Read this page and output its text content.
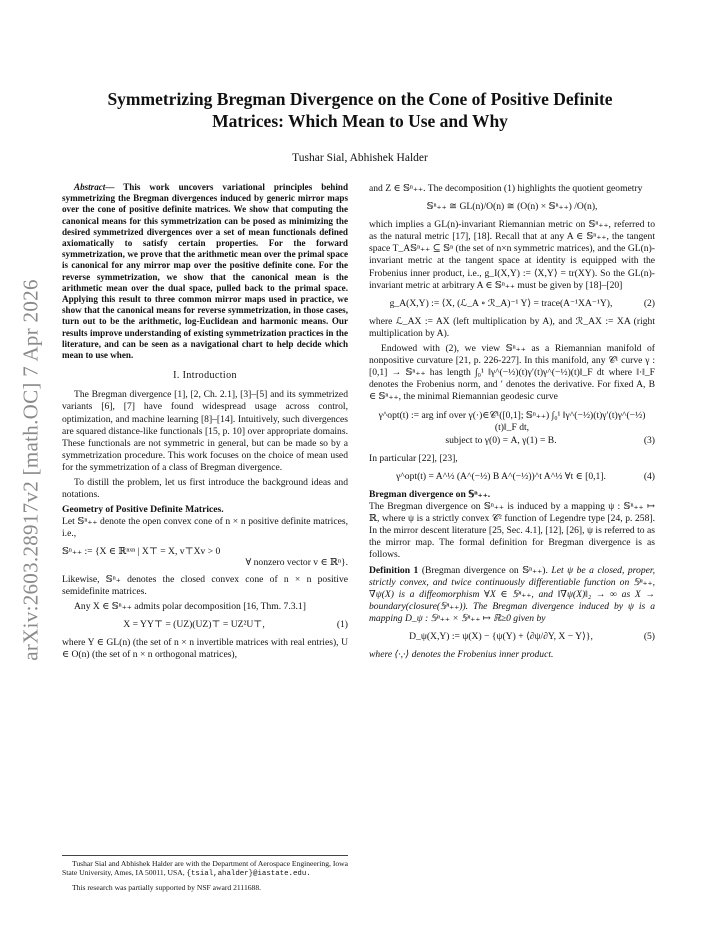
arXiv:2603.28917v2 [math.OC] 7 Apr 2026
Symmetrizing Bregman Divergence on the Cone of Positive Definite
Matrices: Which Mean to Use and Why
Tushar Sial, Abhishek Halder

Abstract— This work uncovers variational principles behind symmetrizing the Bregman divergences induced by generic mirror maps over the cone of positive definite matrices. We show that computing the canonical means for this symmetrization can be posed as minimizing the desired symmetrized divergences over a set of mean functionals defined axiomatically to satisfy certain properties. For the forward symmetrization, we prove that the arithmetic mean over the primal space is canonical for any mirror map over the positive definite cone. For the reverse symmetrization, we show that the canonical mean is the arithmetic mean over the dual space, pulled back to the primal space. Applying this result to three common mirror maps used in practice, we show that the canonical means for reverse symmetrization, in those cases, turn out to be the arithmetic, log-Euclidean and harmonic means. Our results improve understanding of existing symmetrization practices in the literature, and can be seen as a navigational chart to help decide which mean to use when.

I. Introduction

The Bregman divergence [1], [2, Ch. 2.1], [3]–[5] and its symmetrized variants [6], [7] have found widespread usage across control, optimization, and machine learning [8]–[14]. Intuitively, such divergences are squared distance-like functionals [15, p. 10] over appropriate domains. These functionals are not symmetric in general, but can be made so by a symmetrization procedure. This work focuses on the choice of mean used for the symmetrization of a class of Bregman divergence.

To distill the problem, let us first introduce the background ideas and notations.

Geometry of Positive Definite Matrices.

Let 𝕊ⁿ₊₊ denote the open convex cone of n × n positive definite matrices, i.e.,

𝕊ⁿ₊₊ := {X ∈ ℝⁿˣⁿ | X⊤ = X, v⊤Xv > 0
∀ nonzero vector v ∈ ℝⁿ}.

Likewise, 𝕊ⁿ₊ denotes the closed convex cone of n × n positive semidefinite matrices.

Any X ∈ 𝕊ⁿ₊₊ admits polar decomposition [16, Thm. 7.3.1]

X = YY⊤ = (UZ)(UZ)⊤ = UZ²U⊤,	(1)

where Y ∈ GL(n) (the set of n × n invertible matrices with real entries), U ∈ O(n) (the set of n × n orthogonal matrices),

Tushar Sial and Abhishek Halder are with the Department of Aerospace Engineering, Iowa State University, Ames, IA 50011, USA, {tsial,ahalder}@iastate.edu.

This research was partially supported by NSF award 2111688.

and Z ∈ 𝕊ⁿ₊₊. The decomposition (1) highlights the quotient geometry

𝕊ⁿ₊₊ ≅ GL(n)/O(n) ≅ (O(n) × 𝕊ⁿ₊₊) /O(n),

which implies a GL(n)-invariant Riemannian metric on 𝕊ⁿ₊₊, referred to as the natural metric [17], [18]. Recall that at any A ∈ 𝕊ⁿ₊₊, the tangent space T_A𝕊ⁿ₊₊ ⊆ 𝕊ⁿ (the set of n×n symmetric matrices), and the GL(n)-invariant metric at the tangent space at identity is equipped with the Frobenius inner product, i.e., g_I(X,Y) := ⟨X,Y⟩ = tr(XY). So the GL(n)-invariant metric at arbitrary A ∈ 𝕊ⁿ₊₊ must be given by [18]–[20]

g_A(X,Y) := ⟨X, (ℒ_A ∘ ℛ_A)⁻¹ Y⟩ = trace(A⁻¹XA⁻¹Y),	(2)

where ℒ_AX := AX (left multiplication by A), and ℛ_AX := XA (right multiplication by A).

Endowed with (2), we view 𝕊ⁿ₊₊ as a Riemannian manifold of nonpositive curvature [21, p. 226-227]. In this manifold, any 𝒞¹ curve γ : [0,1] → 𝕊ⁿ₊₊ has length ∫₀¹ ‖γ^(−½)(t)γ′(t)γ^(−½)(t)‖_F dt where ‖·‖_F denotes the Frobenius norm, and ′ denotes the derivative. For fixed A, B ∈ 𝕊ⁿ₊₊, the minimal Riemannian geodesic curve

γ^opt(t) := arg inf over γ(·)∈𝒞¹([0,1]; 𝕊ⁿ₊₊) ∫₀¹ ‖γ^(−½)(t)γ′(t)γ^(−½)(t)‖_F dt,
subject to γ(0) = A, γ(1) = B.	(3)

In particular [22], [23],

γ^opt(t) = A^½ (A^(−½) B A^(−½))^t A^½ ∀t ∈ [0,1].	(4)
Bregman divergence on 𝕊ⁿ₊₊.

The Bregman divergence on 𝕊ⁿ₊₊ is induced by a mapping ψ : 𝕊ⁿ₊₊ ↦ ℝ, where ψ is a strictly convex 𝒞² function of Legendre type [24, p. 258]. In the mirror descent literature [25, Sec. 4.1], [12], [26], ψ is referred to as the mirror map. The formal definition for Bregman divergence is as follows.

Definition 1 (Bregman divergence on 𝕊ⁿ₊₊). Let ψ be a closed, proper, strictly convex, and twice continuously differentiable function on 𝕊ⁿ₊₊, ∇ψ(X) is a diffeomorphism ∀X ∈ 𝕊ⁿ₊₊, and ‖∇ψ(X)‖₂ → ∞ as X → boundary(closure(𝕊ⁿ₊₊)). The Bregman divergence induced by ψ is a mapping D_ψ : 𝕊ⁿ₊₊ × 𝕊ⁿ₊₊ ↦ ℝ≥0 given by

D_ψ(X,Y) := ψ(X) − {ψ(Y) + ⟨∂ψ/∂Y, X − Y⟩},	(5)

where ⟨·,·⟩ denotes the Frobenius inner product.
